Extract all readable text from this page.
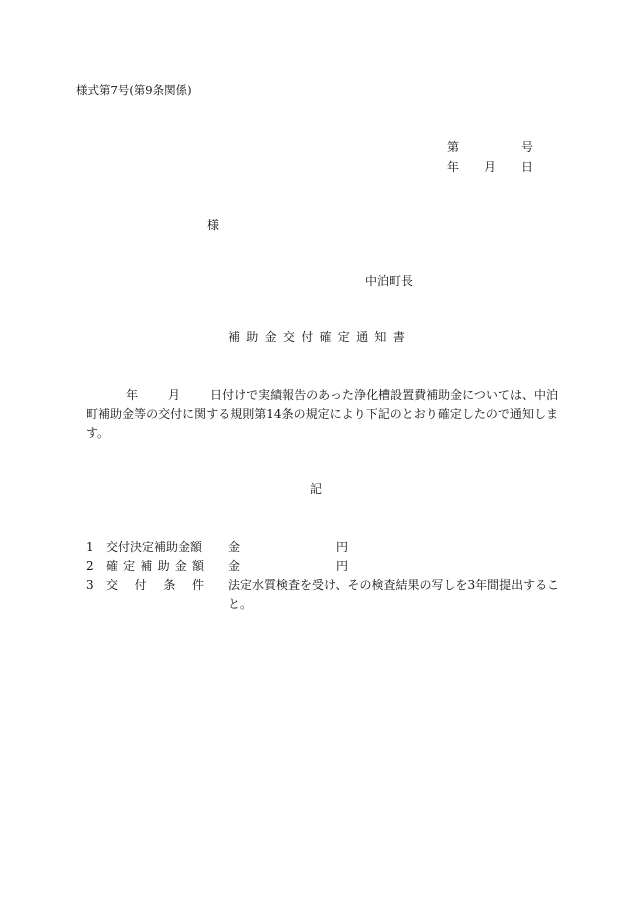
様式第7号(第9条関係)
第	号
年 月 日
様
中泊町長
補助金交付確定通知書
年	月	日付けで実績報告のあった浄化槽設置費補助金については、中泊町補助金等の交付に関する規則第14条の規定により下記のとおり確定したので通知します。
記
1	交付決定補助金額 金	円
2	確 定 補 助 金 額 金	円
3	交 付 条 件 法定水質検査を受け、その検査結果の写しを3年間提出すること。
